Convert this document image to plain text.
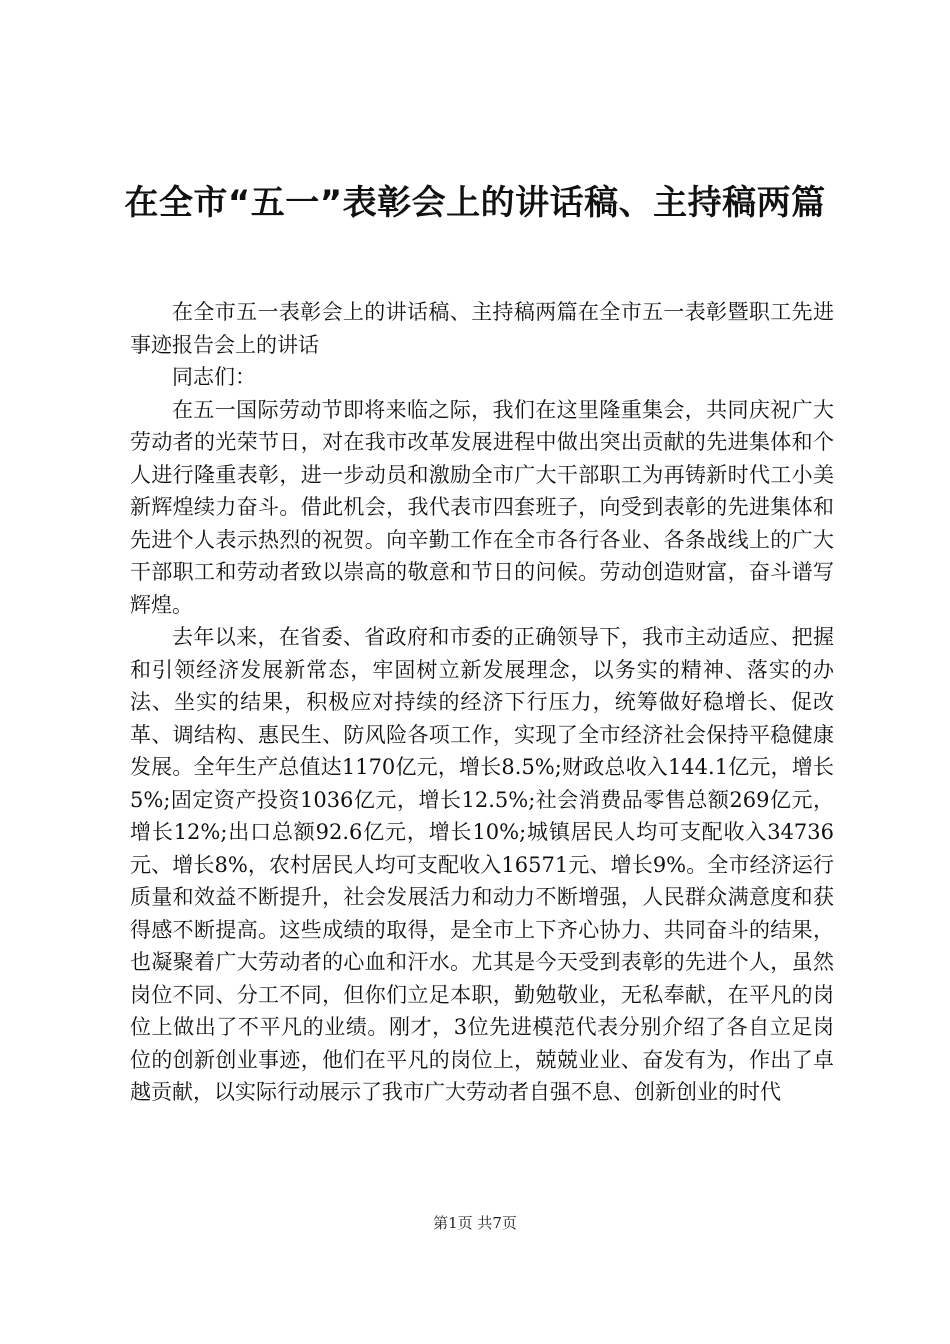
在全市“五一”表彰会上的讲话稿、主持稿两篇

在全市五一表彰会上的讲话稿、主持稿两篇在全市五一表彰暨职工先进事迹报告会上的讲话

同志们：

在五一国际劳动节即将来临之际，我们在这里隆重集会，共同庆祝广大劳动者的光荣节日，对在我市改革发展进程中做出突出贡献的先进集体和个人进行隆重表彰，进一步动员和激励全市广大干部职工为再铸新时代工小美新辉煌续力奋斗。借此机会，我代表市四套班子，向受到表彰的先进集体和先进个人表示热烈的祝贺。向辛勤工作在全市各行各业、各条战线上的广大干部职工和劳动者致以崇高的敬意和节日的问候。劳动创造财富，奋斗谱写辉煌。

去年以来，在省委、省政府和市委的正确领导下，我市主动适应、把握和引领经济发展新常态，牢固树立新发展理念，以务实的精神、落实的办法、坐实的结果，积极应对持续的经济下行压力，统筹做好稳增长、促改革、调结构、惠民生、防风险各项工作，实现了全市经济社会保持平稳健康发展。全年生产总值达1170亿元，增长8.5%;财政总收入144.1亿元，增长5%;固定资产投资1036亿元，增长12.5%;社会消费品零售总额269亿元，增长12%;出口总额92.6亿元，增长10%;城镇居民人均可支配收入34736元、增长8%，农村居民人均可支配收入16571元、增长9%。全市经济运行质量和效益不断提升，社会发展活力和动力不断增强，人民群众满意度和获得感不断提高。这些成绩的取得，是全市上下齐心协力、共同奋斗的结果，也凝聚着广大劳动者的心血和汗水。尤其是今天受到表彰的先进个人，虽然岗位不同、分工不同，但你们立足本职，勤勉敬业，无私奉献，在平凡的岗位上做出了不平凡的业绩。刚才，3位先进模范代表分别介绍了各自立足岗位的创新创业事迹，他们在平凡的岗位上，兢兢业业、奋发有为，作出了卓越贡献，以实际行动展示了我市广大劳动者自强不息、创新创业的时代

第1页 共7页
